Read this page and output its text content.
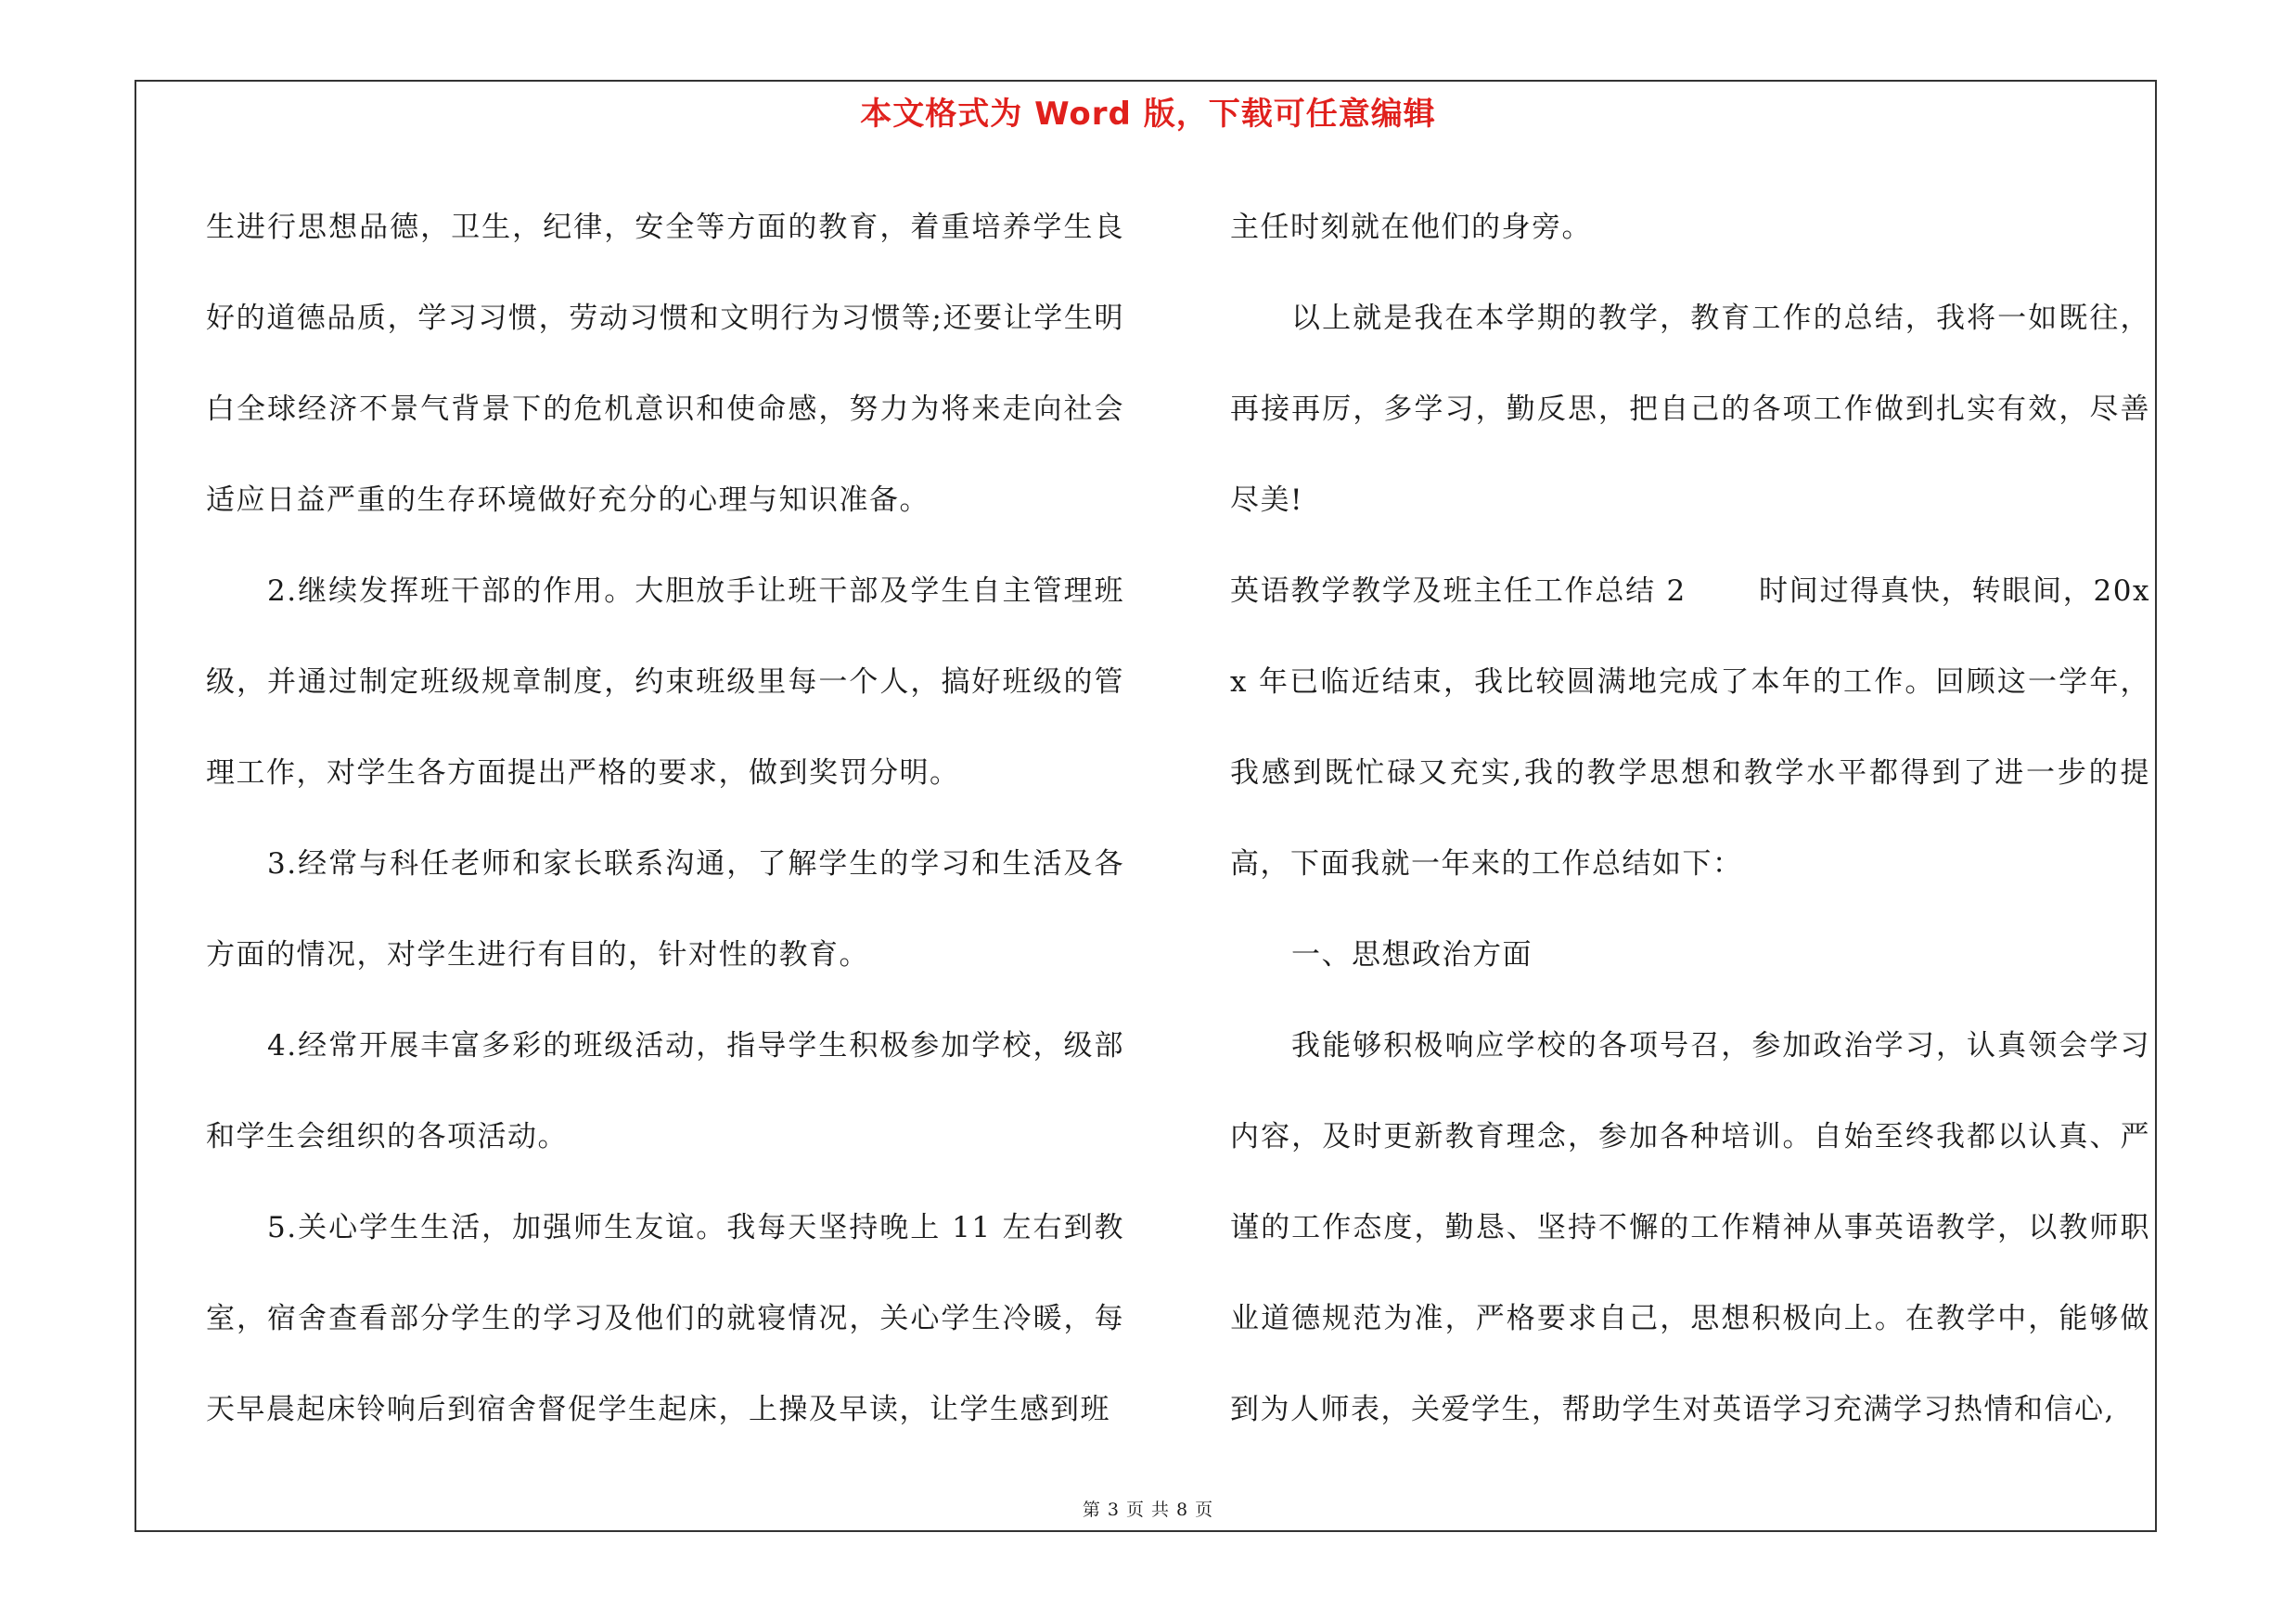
本文格式为 Word 版，下载可任意编辑

生进行思想品德，卫生，纪律，安全等方面的教育，着重培养学生良好的道德品质，学习习惯，劳动习惯和文明行为习惯等;还要让学生明白全球经济不景气背景下的危机意识和使命感，努力为将来走向社会适应日益严重的生存环境做好充分的心理与知识准备。

2.继续发挥班干部的作用。大胆放手让班干部及学生自主管理班级，并通过制定班级规章制度，约束班级里每一个人，搞好班级的管理工作，对学生各方面提出严格的要求，做到奖罚分明。

3.经常与科任老师和家长联系沟通，了解学生的学习和生活及各方面的情况，对学生进行有目的，针对性的教育。

4.经常开展丰富多彩的班级活动，指导学生积极参加学校，级部和学生会组织的各项活动。

5.关心学生生活，加强师生友谊。我每天坚持晚上 11 左右到教室，宿舍查看部分学生的学习及他们的就寝情况，关心学生冷暖，每天早晨起床铃响后到宿舍督促学生起床，上操及早读，让学生感到班

主任时刻就在他们的身旁。

以上就是我在本学期的教学，教育工作的总结，我将一如既往，再接再厉，多学习，勤反思，把自己的各项工作做到扎实有效，尽善尽美!

英语教学教学及班主任工作总结 2	时间过得真快，转眼间，20xx 年已临近结束，我比较圆满地完成了本年的工作。回顾这一学年，我感到既忙碌又充实,我的教学思想和教学水平都得到了进一步的提高，下面我就一年来的工作总结如下：

一、思想政治方面

我能够积极响应学校的各项号召，参加政治学习，认真领会学习内容，及时更新教育理念，参加各种培训。自始至终我都以认真、严谨的工作态度，勤恳、坚持不懈的工作精神从事英语教学，以教师职业道德规范为准，严格要求自己，思想积极向上。在教学中，能够做到为人师表，关爱学生，帮助学生对英语学习充满学习热情和信心,

第 3 页 共 8 页
